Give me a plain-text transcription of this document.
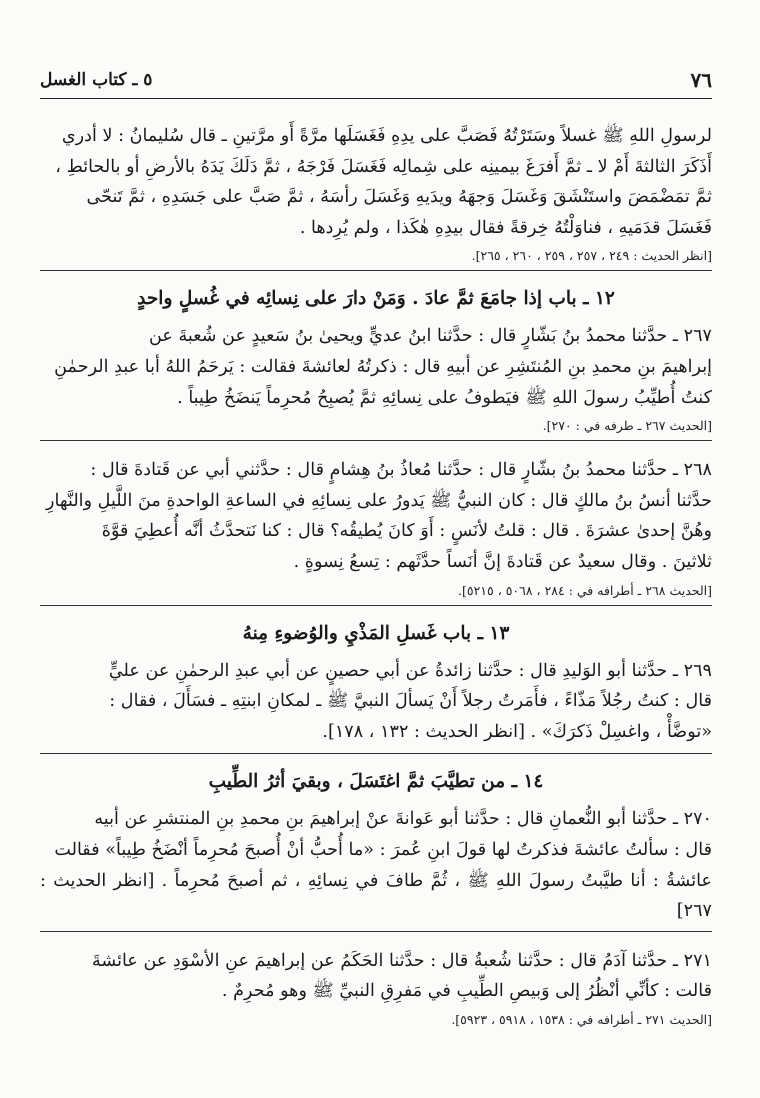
٧٦
٥ ـ كتاب الغسل

لرسولِ اللهِ ﷺ غسلاً وسَتَرْتُهُ فَصَبَّ على يدِهِ فَغَسَلَها مرَّةً أَو مرَّتينِ ـ قال سُليمانُ : لا أدري

أَذَكَرَ الثالثةَ أَمْ لا ـ ثمَّ أَفرَغَ بيمينِه على شِمالِه فَغَسَلَ فَرْجَهُ ، ثمَّ دَلَكَ يَدَهُ بالأرضِ أو بالحائطِ ،

ثمَّ تمَضْمَضَ واستَنْشَقَ وَغَسَلَ وَجهَهُ ويدَيهِ وَغَسَلَ رأسَهُ ، ثمَّ صَبَّ على جَسَدِهِ ، ثمَّ تَنحّى

فَغَسَلَ قدَمَيهِ ، فناوَلْتُهُ خِرقةً فقال بيدِهِ هٰكَذا ، ولم يُرِدها .

[انظر الحديث : ٢٤٩ ، ٢٥٧ ، ٢٥٩ ، ٢٦٠ ، ٢٦٥].
١٢ ـ باب إذا جامَعَ ثمَّ عادَ . وَمَنْ دارَ على نِسائِه في غُسلٍ واحدٍ

٢٦٧ ـ حدَّثنا محمدُ بنُ بَشّارٍ قال : حدَّثنا ابنُ عديٍّ ويحيىٰ بنُ سَعيدٍ عن شُعبةَ عن

إبراهيمَ بنِ محمدِ بنِ المُنتَشِرِ عن أبيهِ قال : ذكرتُهُ لعائشةَ فقالت : يَرحَمُ اللهُ أبا عبدِ الرحمٰنِ

كنتُ أُطيِّبُ رسولَ اللهِ ﷺ فيَطوفُ على نِسائِهِ ثمَّ يُصبِحُ مُحرِماً يَنضَخُ طِيباً .

[الحديث ٢٦٧ ـ طرفه في : ٢٧٠].

٢٦٨ ـ حدَّثنا محمدُ بنُ بشّارٍ قال : حدَّثنا مُعاذُ بنُ هِشامٍ قال : حدَّثني أبي عن قَتادةَ قال :

حدَّثنا أنسُ بنُ مالكٍ قال : كان النبيُّ ﷺ يَدورُ على نِسائِهِ في الساعةِ الواحدةِ منَ اللَّيلِ والنَّهارِ

وهُنَّ إحدىٰ عشرَةَ . قال : قلتُ لأنَسٍ : أَوَ كانَ يُطيقُه؟ قال : كنا نَتحدَّثُ أنَّه أُعطِيَ قوَّةَ

ثلاثينَ . وقال سعيدٌ عن قَتادةَ إنَّ أنَساً حدَّثَهم : تِسعُ نِسوةٍ .

[الحديث ٢٦٨ ـ أطرافه في : ٢٨٤ ، ٥٠٦٨ ، ٥٢١٥].
١٣ ـ باب غَسلِ المَذْيِ والوُضوءِ مِنهُ

٢٦٩ ـ حدَّثنا أبو الوَليدِ قال : حدَّثنا زائدةُ عن أبي حصينٍ عن أبي عبدِ الرحمٰنِ عن عليٍّ

قال : كنتُ رجُلاً مَذّاءً ، فأَمَرتُ رجلاً أَنْ يَسألَ النبيَّ ﷺ ـ لمكانِ ابنتِهِ ـ فسَأَلَ ، فقال :

«توضَّأْ ، واغسِلْ ذَكرَكَ» . [انظر الحديث : ١٣٢ ، ١٧٨].

١٤ ـ من تطيَّبَ ثمَّ اغتَسَلَ ، وبقيَ أثرُ الطِّيبِ

٢٧٠ ـ حدَّثنا أبو النُّعمانِ قال : حدَّثنا أبو عَوانةَ عنْ إبراهيمَ بنِ محمدِ بنِ المنتشرِ عن أبيه

قال : سألتُ عائشةَ فذكرتُ لها قولَ ابنِ عُمرَ : «ما أُحبُّ أنْ أُصبحَ مُحرِماً أنْضَخُ طِيباً» فقالت

عائشةُ : أنا طيَّبتُ رسولَ اللهِ ﷺ ، ثُمَّ طافَ في نِسائِهِ ، ثم أصبحَ مُحرِماً . [انظر الحديث : ٢٦٧]

٢٧١ ـ حدَّثنا آدَمُ قال : حدَّثنا شُعبةُ قال : حدَّثنا الحَكَمُ عن إبراهيمَ عنِ الأسْوَدِ عن عائشةَ

قالت : كأنِّي أنْظُرُ إلى وَبيصِ الطِّيبِ في مَفرِقِ النبيِّ ﷺ وهو مُحرِمٌ .

[الحديث ٢٧١ ـ أطرافه في : ١٥٣٨ ، ٥٩١٨ ، ٥٩٢٣].
